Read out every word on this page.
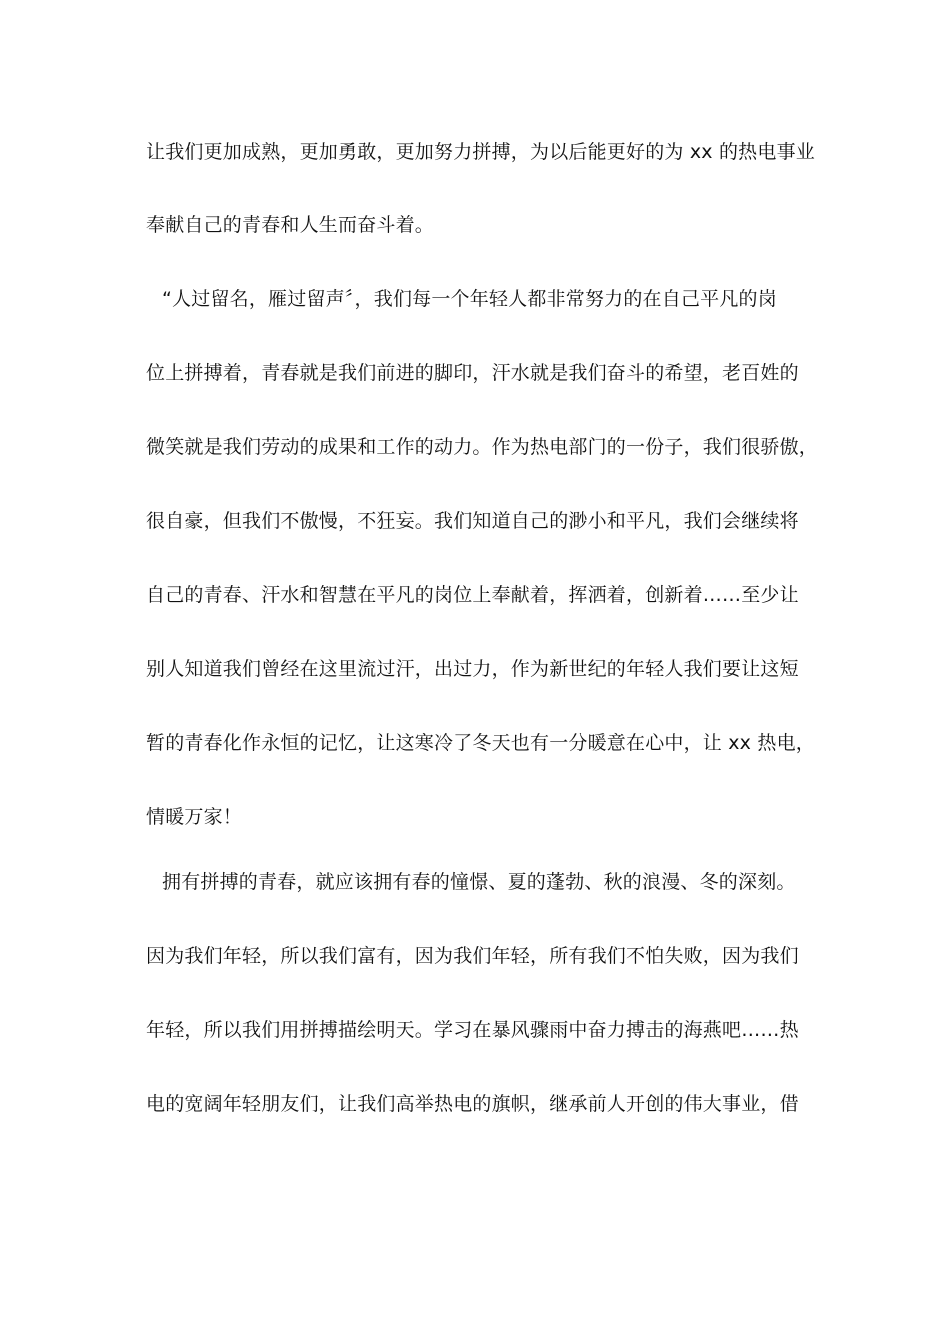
让我们更加成熟，更加勇敢，更加努力拼搏，为以后能更好的为 xx 的热电事业
奉献自己的青春和人生而奋斗着。
“人过留名，雁过留声〞，我们每一个年轻人都非常努力的在自己平凡的岗
位上拼搏着，青春就是我们前进的脚印，汗水就是我们奋斗的希望，老百姓的
微笑就是我们劳动的成果和工作的动力。作为热电部门的一份子，我们很骄傲，
很自豪，但我们不傲慢，不狂妄。我们知道自己的渺小和平凡，我们会继续将
自己的青春、汗水和智慧在平凡的岗位上奉献着，挥洒着，创新着……至少让
别人知道我们曾经在这里流过汗，出过力，作为新世纪的年轻人我们要让这短
暂的青春化作永恒的记忆，让这寒冷了冬天也有一分暖意在心中，让 xx 热电，
情暖万家！
拥有拼搏的青春，就应该拥有春的憧憬、夏的蓬勃、秋的浪漫、冬的深刻。
因为我们年轻，所以我们富有，因为我们年轻，所有我们不怕失败，因为我们
年轻，所以我们用拼搏描绘明天。学习在暴风骤雨中奋力搏击的海燕吧……热
电的宽阔年轻朋友们，让我们高举热电的旗帜，继承前人开创的伟大事业，借
